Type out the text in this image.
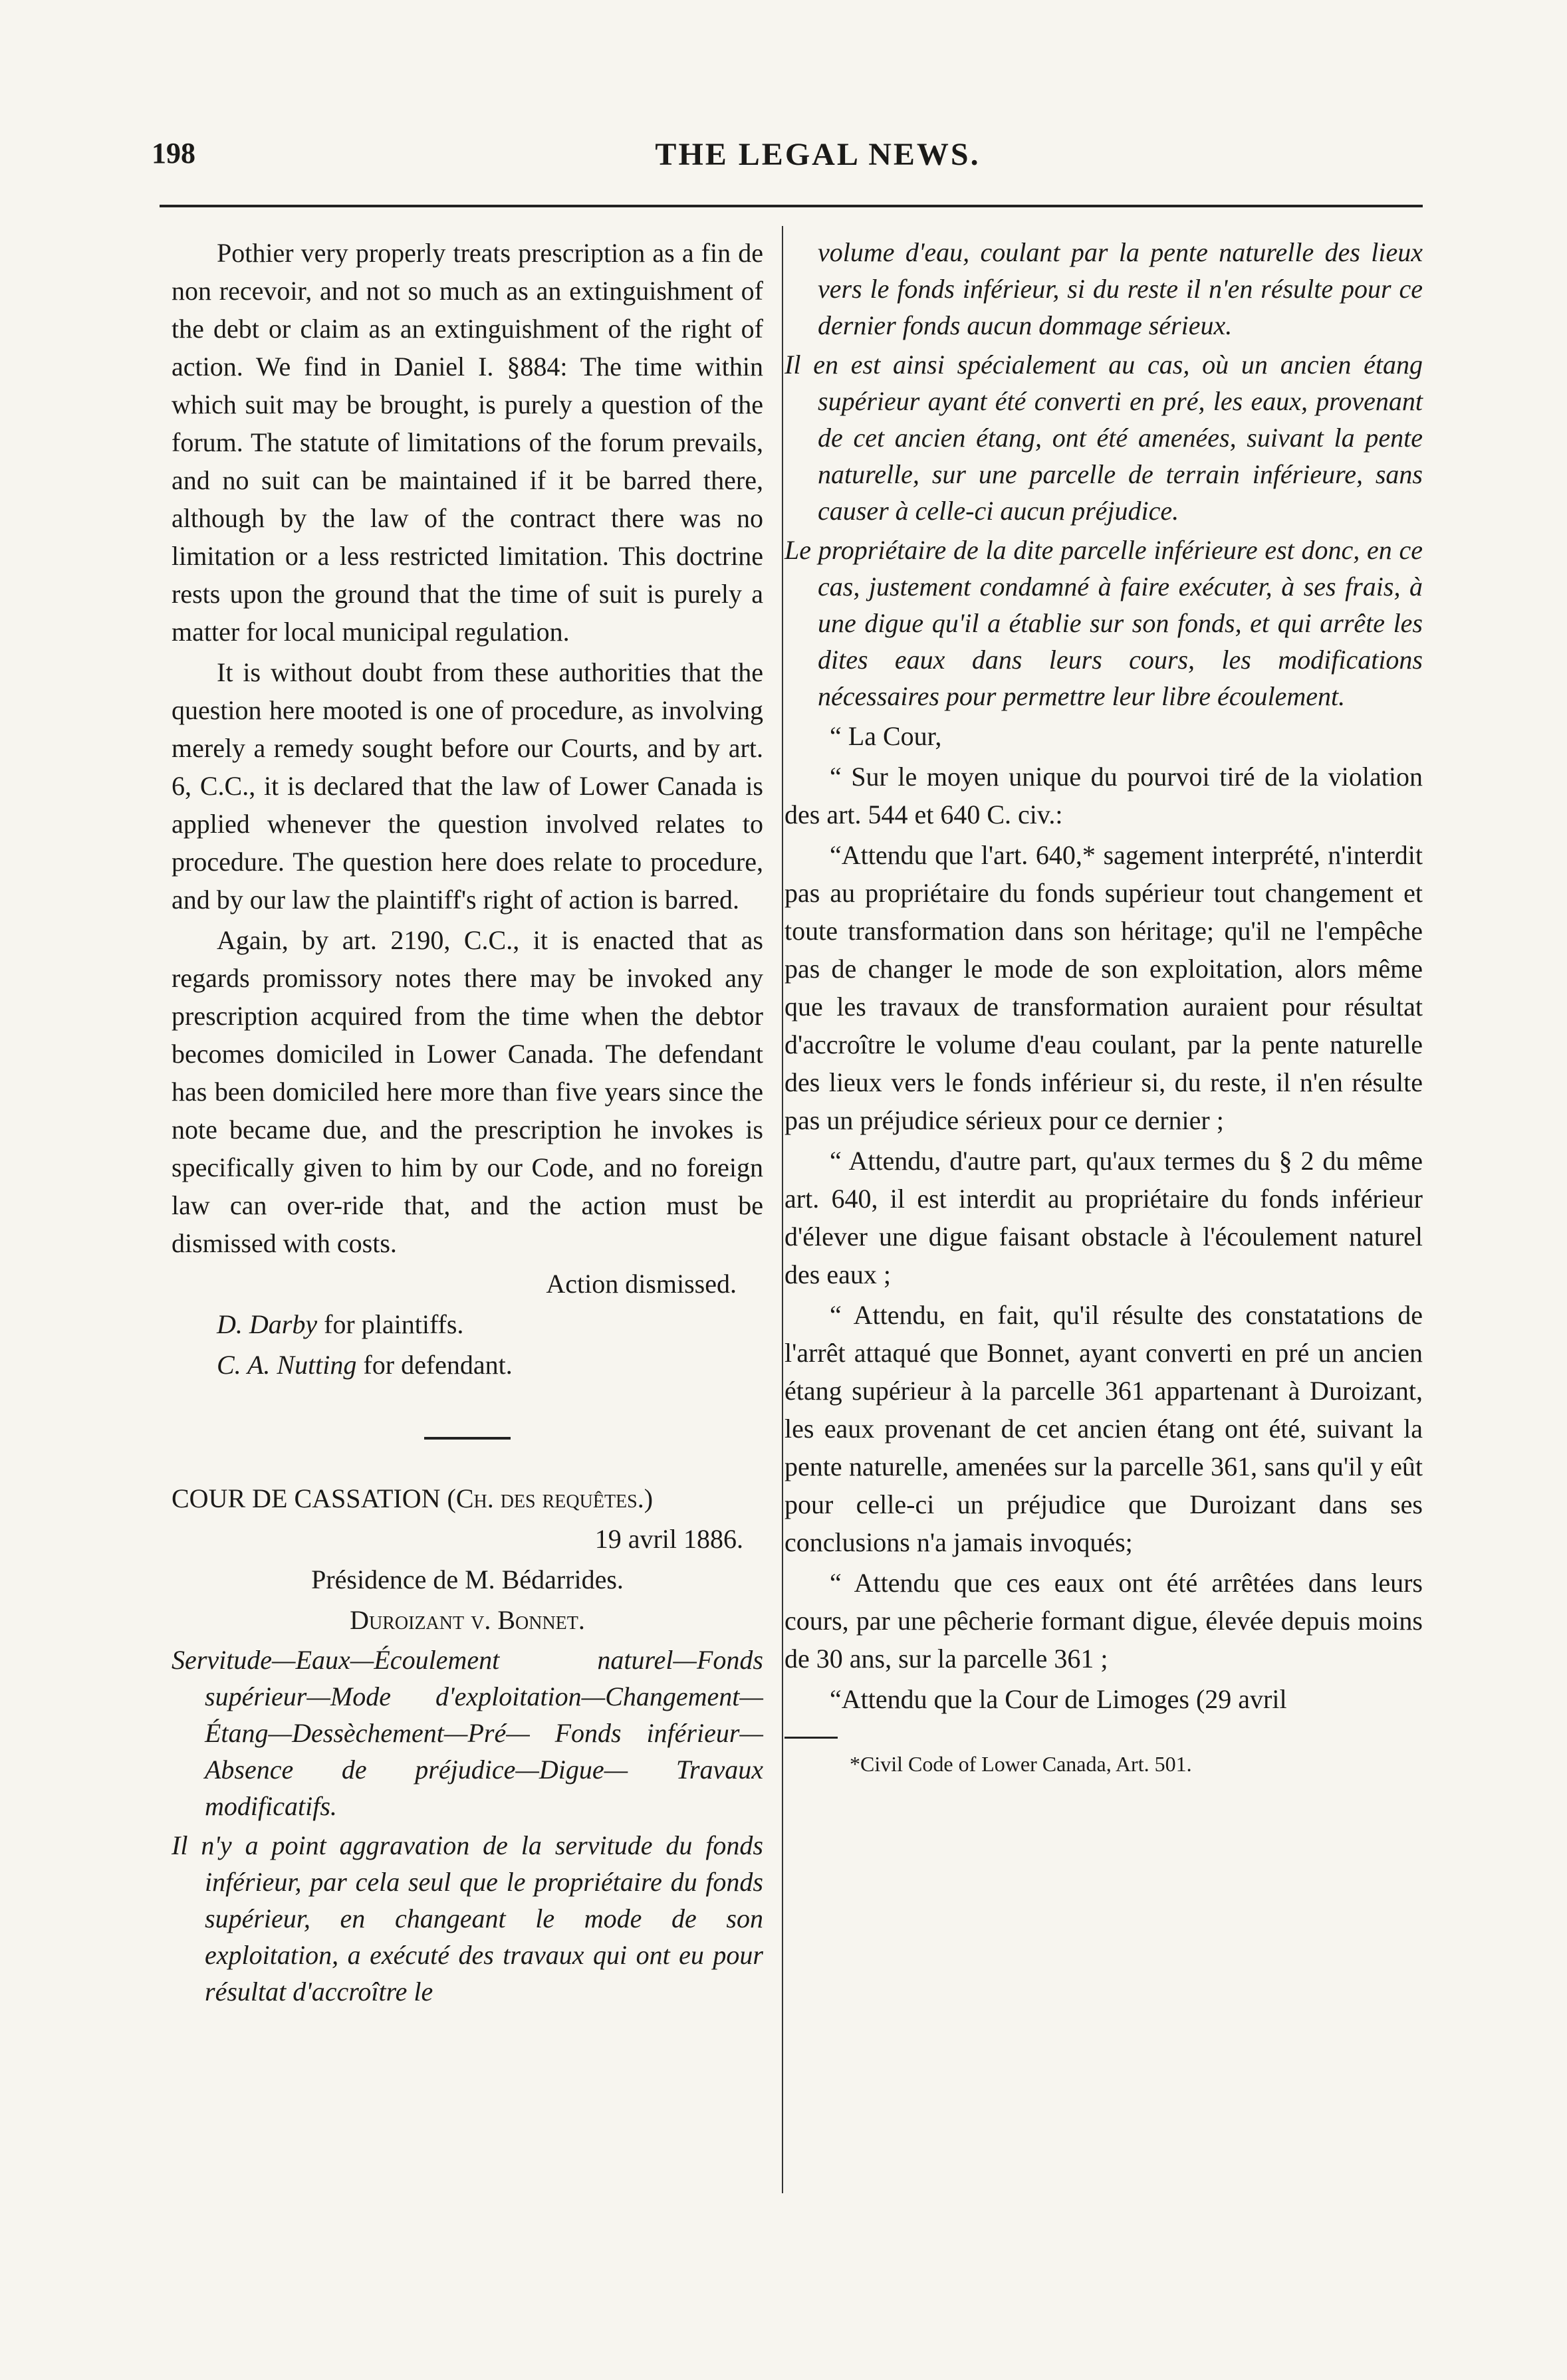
198	THE LEGAL NEWS.

Pothier very properly treats prescription as a fin de non recevoir, and not so much as an extinguishment of the debt or claim as an extinguishment of the right of action. We find in Daniel I. §884: The time within which suit may be brought, is purely a question of the forum. The statute of limitations of the forum prevails, and no suit can be maintained if it be barred there, although by the law of the contract there was no limitation or a less restricted limitation. This doctrine rests upon the ground that the time of suit is purely a matter for local municipal regulation.

It is without doubt from these authorities that the question here mooted is one of procedure, as involving merely a remedy sought before our Courts, and by art. 6, C.C., it is declared that the law of Lower Canada is applied whenever the question involved relates to procedure. The question here does relate to procedure, and by our law the plaintiff's right of action is barred.

Again, by art. 2190, C.C., it is enacted that as regards promissory notes there may be invoked any prescription acquired from the time when the debtor becomes domiciled in Lower Canada. The defendant has been domiciled here more than five years since the note became due, and the prescription he invokes is specifically given to him by our Code, and no foreign law can over-ride that, and the action must be dismissed with costs.

Action dismissed.

D. Darby for plaintiffs.

C. A. Nutting for defendant.

COUR DE CASSATION (Ch. des requêtes.)

19 avril 1886.

Présidence de M. Bédarrides.

Duroizant v. Bonnet.

Servitude—Eaux—Écoulement naturel—Fonds supérieur—Mode d'exploitation—Changement—Étang—Dessèchement—Pré— Fonds inférieur—Absence de préjudice—Digue— Travaux modificatifs.

Il n'y a point aggravation de la servitude du fonds inférieur, par cela seul que le propriétaire du fonds supérieur, en changeant le mode de son exploitation, a exécuté des travaux qui ont eu pour résultat d'accroître le

volume d'eau, coulant par la pente naturelle des lieux vers le fonds inférieur, si du reste il n'en résulte pour ce dernier fonds aucun dommage sérieux.

Il en est ainsi spécialement au cas, où un ancien étang supérieur ayant été converti en pré, les eaux, provenant de cet ancien étang, ont été amenées, suivant la pente naturelle, sur une parcelle de terrain inférieure, sans causer à celle-ci aucun préjudice.

Le propriétaire de la dite parcelle inférieure est donc, en ce cas, justement condamné à faire exécuter, à ses frais, à une digue qu'il a établie sur son fonds, et qui arrête les dites eaux dans leurs cours, les modifications nécessaires pour permettre leur libre écoulement.

“ La Cour,

“ Sur le moyen unique du pourvoi tiré de la violation des art. 544 et 640 C. civ.:

“Attendu que l'art. 640,* sagement interprété, n'interdit pas au propriétaire du fonds supérieur tout changement et toute transformation dans son héritage; qu'il ne l'empêche pas de changer le mode de son exploitation, alors même que les travaux de transformation auraient pour résultat d'accroître le volume d'eau coulant, par la pente naturelle des lieux vers le fonds inférieur si, du reste, il n'en résulte pas un préjudice sérieux pour ce dernier ;

“ Attendu, d'autre part, qu'aux termes du § 2 du même art. 640, il est interdit au propriétaire du fonds inférieur d'élever une digue faisant obstacle à l'écoulement naturel des eaux ;

“ Attendu, en fait, qu'il résulte des constatations de l'arrêt attaqué que Bonnet, ayant converti en pré un ancien étang supérieur à la parcelle 361 appartenant à Duroizant, les eaux provenant de cet ancien étang ont été, suivant la pente naturelle, amenées sur la parcelle 361, sans qu'il y eût pour celle-ci un préjudice que Duroizant dans ses conclusions n'a jamais invoqués;

“ Attendu que ces eaux ont été arrêtées dans leurs cours, par une pêcherie formant digue, élevée depuis moins de 30 ans, sur la parcelle 361 ;

“Attendu que la Cour de Limoges (29 avril

*Civil Code of Lower Canada, Art. 501.
